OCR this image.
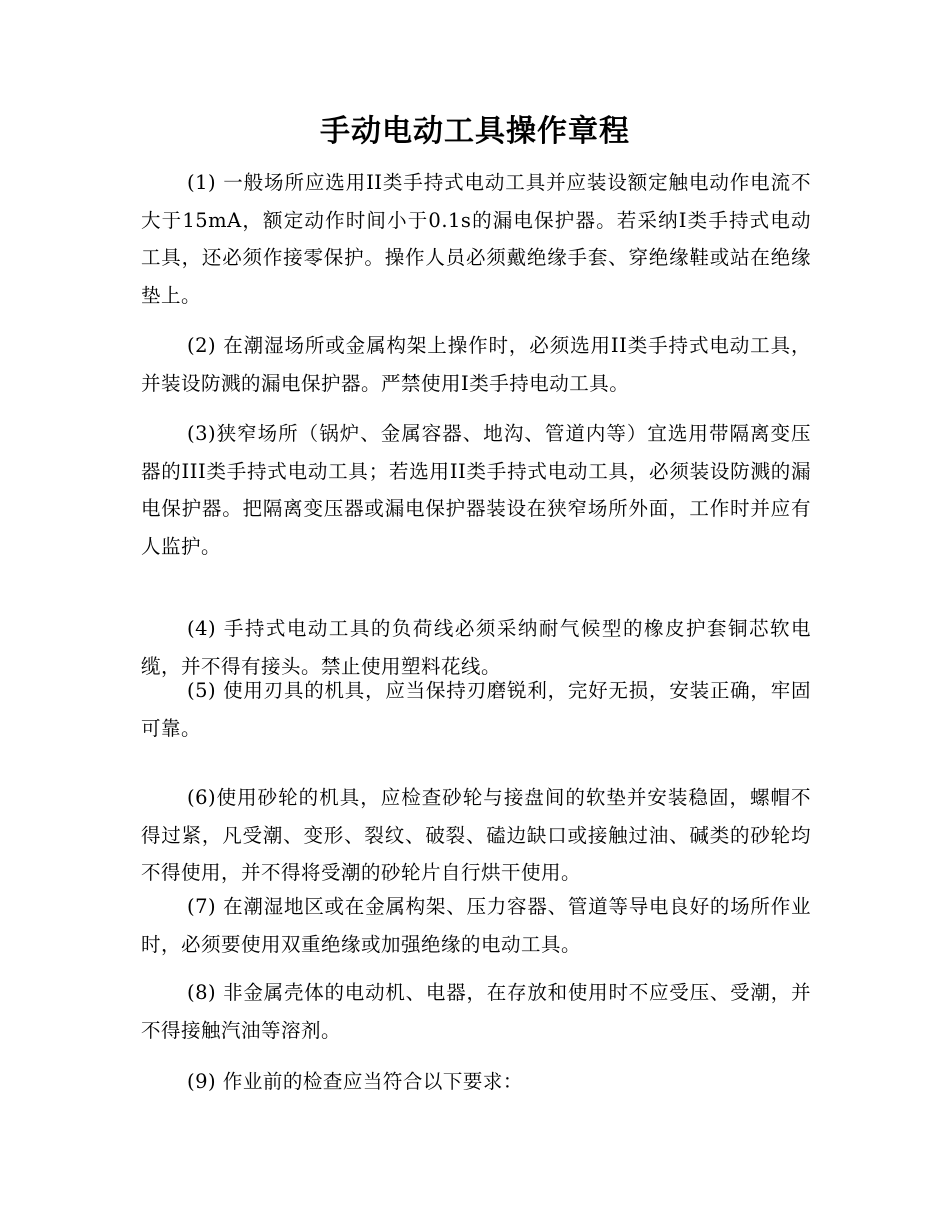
手动电动工具操作章程

(1) 一般场所应选用II类手持式电动工具并应装设额定触电动作电流不大于15mA，额定动作时间小于0.1s的漏电保护器。若采纳I类手持式电动工具，还必须作接零保护。操作人员必须戴绝缘手套、穿绝缘鞋或站在绝缘垫上。

(2) 在潮湿场所或金属构架上操作时，必须选用II类手持式电动工具，并装设防溅的漏电保护器。严禁使用I类手持电动工具。

(3)狭窄场所（锅炉、金属容器、地沟、管道内等）宜选用带隔离变压器的III类手持式电动工具；若选用II类手持式电动工具，必须装设防溅的漏电保护器。把隔离变压器或漏电保护器装设在狭窄场所外面，工作时并应有人监护。

(4) 手持式电动工具的负荷线必须采纳耐气候型的橡皮护套铜芯软电缆，并不得有接头。禁止使用塑料花线。

(5) 使用刃具的机具，应当保持刃磨锐利，完好无损，安装正确，牢固可靠。

(6)使用砂轮的机具，应检查砂轮与接盘间的软垫并安装稳固，螺帽不得过紧，凡受潮、变形、裂纹、破裂、磕边缺口或接触过油、碱类的砂轮均不得使用，并不得将受潮的砂轮片自行烘干使用。

(7) 在潮湿地区或在金属构架、压力容器、管道等导电良好的场所作业时，必须要使用双重绝缘或加强绝缘的电动工具。

(8) 非金属壳体的电动机、电器，在存放和使用时不应受压、受潮，并不得接触汽油等溶剂。

(9) 作业前的检查应当符合以下要求：
